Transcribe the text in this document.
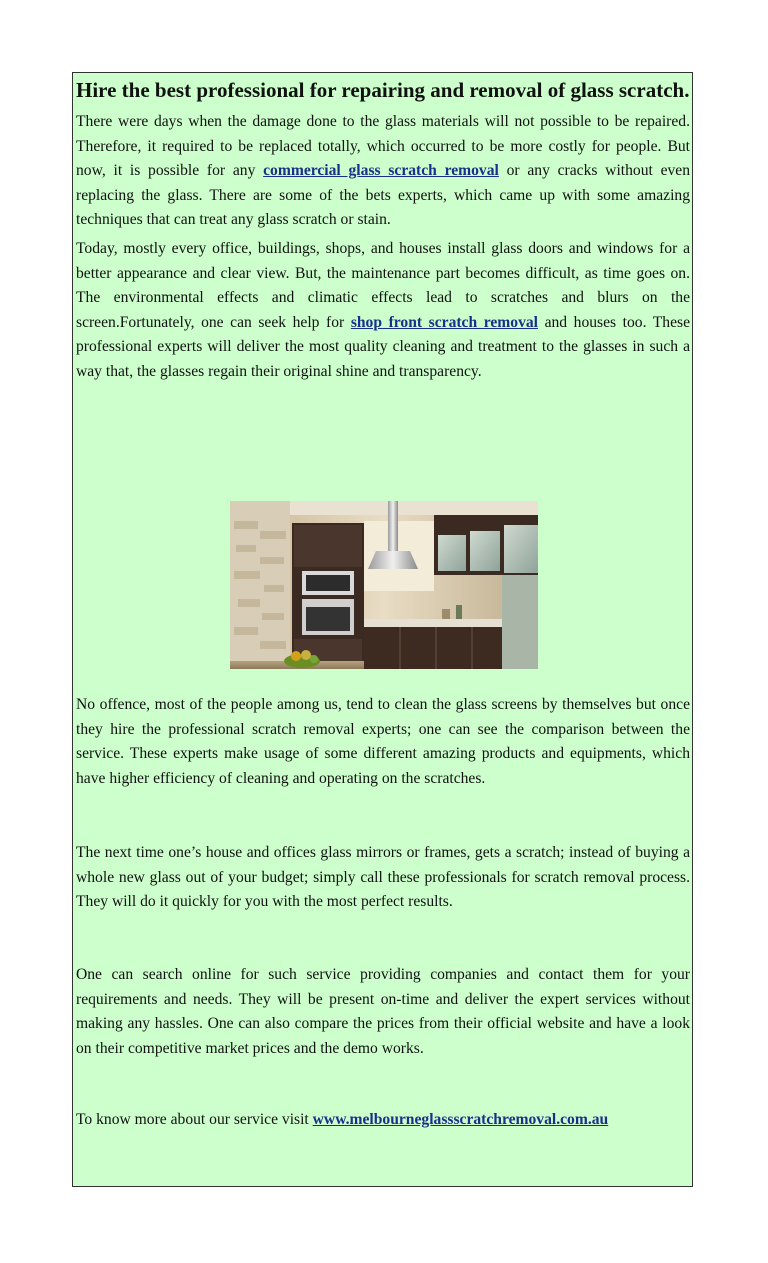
Hire the best professional for repairing and removal of glass scratch.

There were days when the damage done to the glass materials will not possible to be repaired. Therefore, it required to be replaced totally, which occurred to be more costly for people. But now, it is possible for any commercial glass scratch removal or any cracks without even replacing the glass. There are some of the bets experts, which came up with some amazing techniques that can treat any glass scratch or stain.

Today, mostly every office, buildings, shops, and houses install glass doors and windows for a better appearance and clear view. But, the maintenance part becomes difficult, as time goes on. The environmental effects and climatic effects lead to scratches and blurs on the screen.Fortunately, one can seek help for shop front scratch removal and houses too. These professional experts will deliver the most quality cleaning and treatment to the glasses in such a way that, the glasses regain their original shine and transparency.

No offence, most of the people among us, tend to clean the glass screens by themselves but once they hire the professional scratch removal experts; one can see the comparison between the service. These experts make usage of some different amazing products and equipments, which have higher efficiency of cleaning and operating on the scratches.

The next time one’s house and offices glass mirrors or frames, gets a scratch; instead of buying a whole new glass out of your budget; simply call these professionals for scratch removal process. They will do it quickly for you with the most perfect results.

One can search online for such service providing companies and contact them for your requirements and needs. They will be present on-time and deliver the expert services without making any hassles. One can also compare the prices from their official website and have a look on their competitive market prices and the demo works.

To know more about our service visit www.melbourneglassscratchremoval.com.au
